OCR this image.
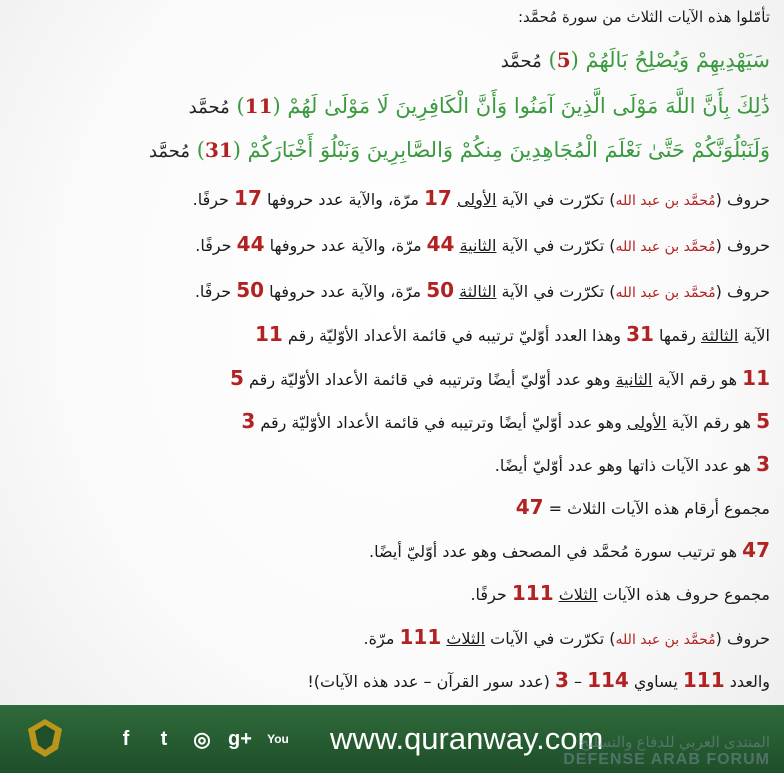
تأمّلوا هذه الآيات الثلاث من سورة مُحمَّد:
سَيَهْدِيهِمْ وَيُصْلِحُ بَالَهُمْ (5) مُحمَّد
ذَٰلِكَ بِأَنَّ اللَّهَ مَوْلَى الَّذِينَ آمَنُوا وَأَنَّ الْكَافِرِينَ لَا مَوْلَىٰ لَهُمْ (11) مُحمَّد
وَلَنَبْلُوَنَّكُمْ حَتَّىٰ نَعْلَمَ الْمُجَاهِدِينَ مِنكُمْ وَالصَّابِرِينَ وَنَبْلُوَ أَخْبَارَكُمْ (31) مُحمَّد
حروف (مُحمَّد بن عبد الله) تكرّرت في الآية الأولى 17 مرّة، والآية عدد حروفها 17 حرفًا.
حروف (مُحمَّد بن عبد الله) تكرّرت في الآية الثانية 44 مرّة، والآية عدد حروفها 44 حرفًا.
حروف (مُحمَّد بن عبد الله) تكرّرت في الآية الثالثة 50 مرّة، والآية عدد حروفها 50 حرفًا.
الآية الثالثة رقمها 31 وهذا العدد أوّليّ ترتيبه في قائمة الأعداد الأوّليّة رقم 11
11 هو رقم الآية الثانية وهو عدد أوّليّ أيضًا وترتيبه في قائمة الأعداد الأوّليّة رقم 5
5 هو رقم الآية الأولى وهو عدد أوّليّ أيضًا وترتيبه في قائمة الأعداد الأوّليّة رقم 3
3 هو عدد الآيات ذاتها وهو عدد أوّليّ أيضًا.
مجموع أرقام هذه الآيات الثلاث = 47
47 هو ترتيب سورة مُحمَّد في المصحف وهو عدد أوّليّ أيضًا.
مجموع حروف هذه الآيات الثلاث 111 حرفًا.
حروف (مُحمَّد بن عبد الله) تكرّرت في الآيات الثلاث 111 مرّة.
والعدد 111 يساوي 114 – 3 (عدد سور القرآن – عدد هذه الآيات)!
f	t	◎ g+ You www.quranway.com
المنتدى العربي للدفاع والتسليح
DEFENSE ARAB FORUM
